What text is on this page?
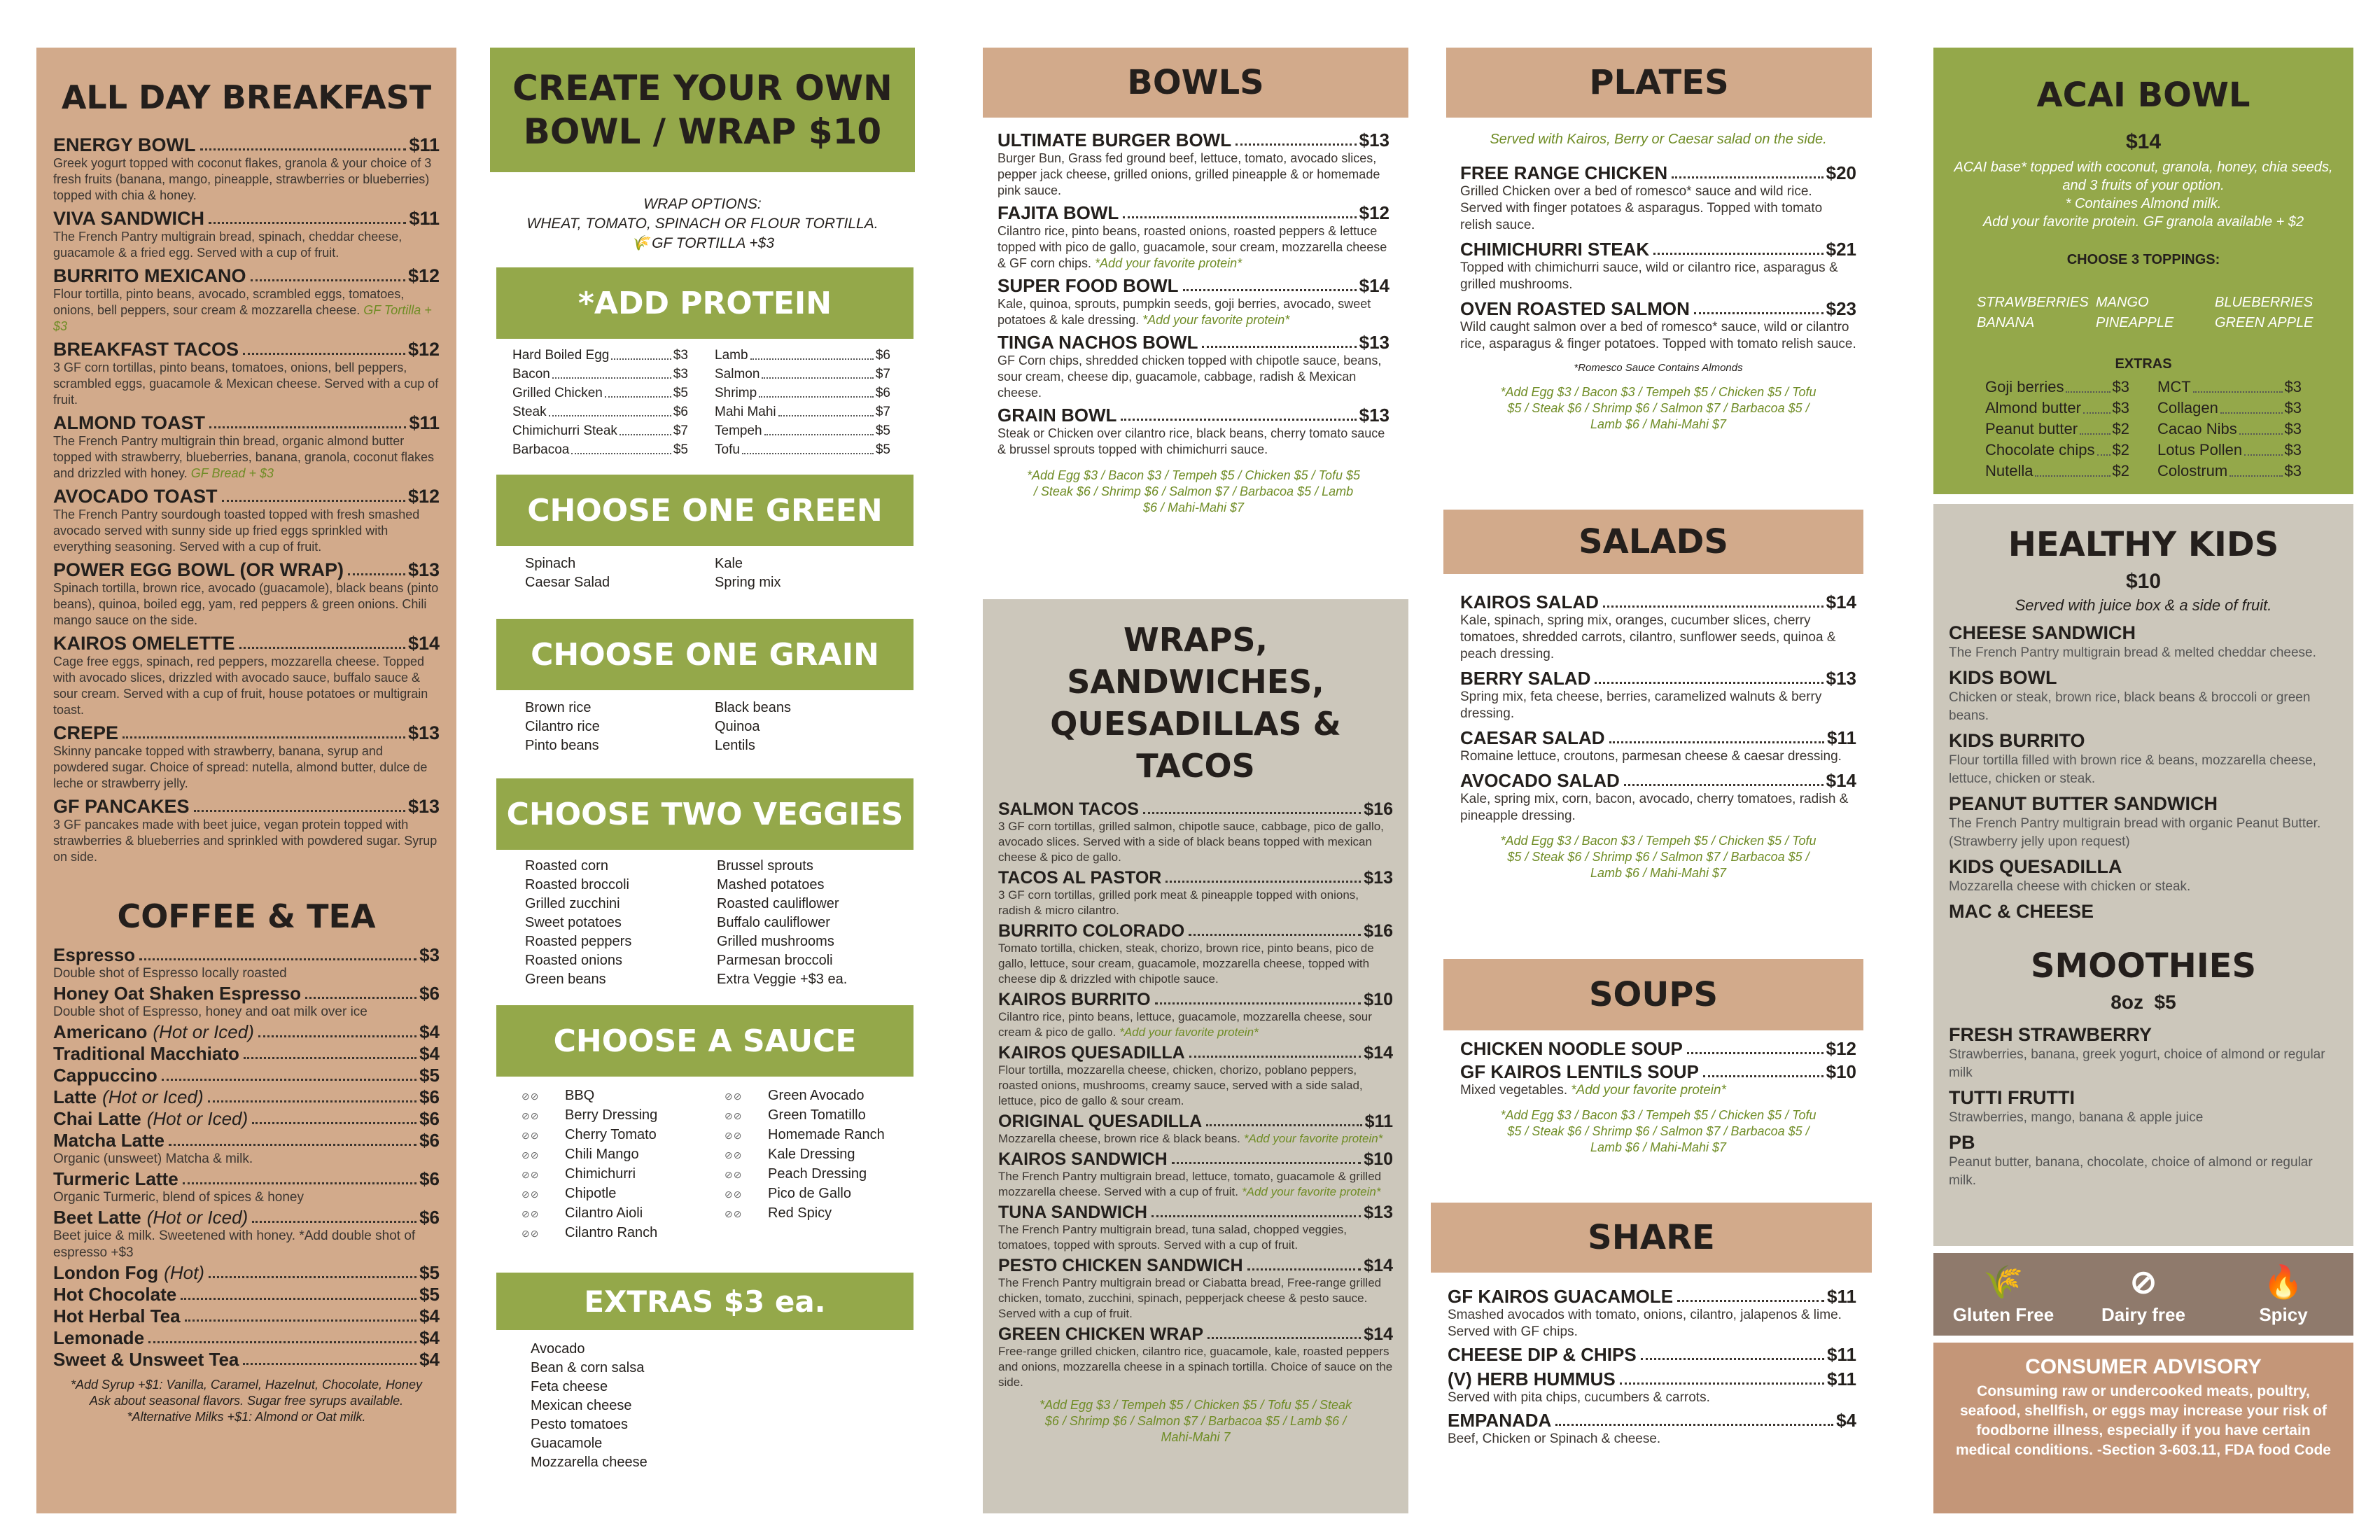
ALL DAY BREAKFAST
ENERGY BOWL	$11
Greek yogurt topped with coconut flakes, granola & your choice of 3 fresh fruits (banana, mango, pineapple, strawberries or blueberries) topped with chia & honey.
VIVA SANDWICH	$11
The French Pantry multigrain bread, spinach, cheddar cheese, guacamole & a fried egg. Served with a cup of fruit.
BURRITO MEXICANO	$12
Flour tortilla, pinto beans, avocado, scrambled eggs, tomatoes, onions, bell peppers, sour cream & mozzarella cheese. GF Tortilla + $3
BREAKFAST TACOS	$12
3 GF corn tortillas, pinto beans, tomatoes, onions, bell peppers, scrambled eggs, guacamole & Mexican cheese. Served with a cup of fruit.
ALMOND TOAST	$11
The French Pantry multigrain thin bread, organic almond butter topped with strawberry, blueberries, banana, granola, coconut flakes and drizzled with honey. GF Bread + $3
AVOCADO TOAST	$12
The French Pantry sourdough toasted topped with fresh smashed avocado served with sunny side up fried eggs sprinkled with everything seasoning. Served with a cup of fruit.
POWER EGG BOWL (OR WRAP)	$13
Spinach tortilla, brown rice, avocado (guacamole), black beans (pinto beans), quinoa, boiled egg, yam, red peppers & green onions. Chili mango sauce on the side.
KAIROS OMELETTE	$14
Cage free eggs, spinach, red peppers, mozzarella cheese. Topped with avocado slices, drizzled with avocado sauce, buffalo sauce & sour cream. Served with a cup of fruit, house potatoes or multigrain toast.
CREPE	$13
Skinny pancake topped with strawberry, banana, syrup and powdered sugar. Choice of spread: nutella, almond butter, dulce de leche or strawberry jelly.
GF PANCAKES	$13
3 GF pancakes made with beet juice, vegan protein topped with strawberries & blueberries and sprinkled with powdered sugar. Syrup on side.
COFFEE & TEA
Espresso	$3
Double shot of Espresso locally roasted
Honey Oat Shaken Espresso	$6
Double shot of Espresso, honey and oat milk over ice
Americano (Hot or Iced)	$4
Traditional Macchiato	$4
Cappuccino	$5
Latte (Hot or Iced)	$6
Chai Latte (Hot or Iced)	$6
Matcha Latte	$6
Organic (unsweet) Matcha & milk.
Turmeric Latte	$6
Organic Turmeric, blend of spices & honey
Beet Latte (Hot or Iced)	$6
Beet juice & milk. Sweetened with honey. *Add double shot of espresso +$3
London Fog (Hot)	$5
Hot Chocolate	$5
Hot Herbal Tea	$4
Lemonade	$4
Sweet & Unsweet Tea	$4
*Add Syrup +$1: Vanilla, Caramel, Hazelnut, Chocolate, Honey Ask about seasonal flavors. Sugar free syrups available.
*Alternative Milks +$1: Almond or Oat milk.
CREATE YOUR OWN
BOWL / WRAP $10
WRAP OPTIONS:
WHEAT, TOMATO, SPINACH OR FLOUR TORTILLA.
🌾 GF TORTILLA +$3
*ADD PROTEIN
Hard Boiled Egg	$3
Bacon	$3
Grilled Chicken	$5
Steak	$6
Chimichurri Steak	$7
Barbacoa	$5
Lamb	$6
Salmon	$7
Shrimp	$6
Mahi Mahi	$7
Tempeh	$5
Tofu	$5
CHOOSE ONE GREEN
Spinach
Caesar Salad
Kale
Spring mix
CHOOSE ONE GRAIN
Brown rice
Cilantro rice
Pinto beans
Black beans
Quinoa
Lentils
CHOOSE TWO VEGGIES
Roasted corn
Roasted broccoli
Grilled zucchini
Sweet potatoes
Roasted peppers
Roasted onions
Green beans
Brussel sprouts
Mashed potatoes
Roasted cauliflower
Buffalo cauliflower
Grilled mushrooms
Parmesan broccoli
Extra Veggie +$3 ea.
CHOOSE A SAUCE
⊘⊘ BBQ
⊘⊘ Berry Dressing
⊘⊘ Cherry Tomato
⊘⊘ Chili Mango
⊘⊘ Chimichurri
⊘⊘ Chipotle
⊘⊘ Cilantro Aioli
⊘⊘ Cilantro Ranch
⊘⊘ Green Avocado
⊘⊘ Green Tomatillo
⊘⊘ Homemade Ranch
⊘⊘ Kale Dressing
⊘⊘ Peach Dressing
⊘⊘ Pico de Gallo
⊘⊘ Red Spicy
EXTRAS $3 ea.
Avocado
Bean & corn salsa
Feta cheese
Mexican cheese
Pesto tomatoes
Guacamole
Mozzarella cheese
BOWLS
ULTIMATE BURGER BOWL	$13
Burger Bun, Grass fed ground beef, lettuce, tomato, avocado slices, pepper jack cheese, grilled onions, grilled pineapple & or homemade pink sauce.
FAJITA BOWL	$12
Cilantro rice, pinto beans, roasted onions, roasted peppers & lettuce topped with pico de gallo, guacamole, sour cream, mozzarella cheese & GF corn chips. *Add your favorite protein*
SUPER FOOD BOWL	$14
Kale, quinoa, sprouts, pumpkin seeds, goji berries, avocado, sweet potatoes & kale dressing. *Add your favorite protein*
TINGA NACHOS BOWL	$13
GF Corn chips, shredded chicken topped with chipotle sauce, beans, sour cream, cheese dip, guacamole, cabbage, radish & Mexican cheese.
GRAIN BOWL	$13
Steak or Chicken over cilantro rice, black beans, cherry tomato sauce & brussel sprouts topped with chimichurri sauce.
*Add Egg $3 / Bacon $3 / Tempeh $5 / Chicken $5 / Tofu $5 / Steak $6 / Shrimp $6 / Salmon $7 / Barbacoa $5 / Lamb $6 / Mahi-Mahi $7
WRAPS, SANDWICHES,
QUESADILLAS & TACOS
SALMON TACOS	$16
3 GF corn tortillas, grilled salmon, chipotle sauce, cabbage, pico de gallo, avocado slices. Served with a side of black beans topped with mexican cheese & pico de gallo.
TACOS AL PASTOR	$13
3 GF corn tortillas, grilled pork meat & pineapple topped with onions, radish & micro cilantro.
BURRITO COLORADO	$16
Tomato tortilla, chicken, steak, chorizo, brown rice, pinto beans, pico de gallo, lettuce, sour cream, guacamole, mozzarella cheese, topped with cheese dip & drizzled with chipotle sauce.
KAIROS BURRITO	$10
Cilantro rice, pinto beans, lettuce, guacamole, mozzarella cheese, sour cream & pico de gallo. *Add your favorite protein*
KAIROS QUESADILLA	$14
Flour tortilla, mozzarella cheese, chicken, chorizo, poblano peppers, roasted onions, mushrooms, creamy sauce, served with a side salad, lettuce, pico de gallo & sour cream.
ORIGINAL QUESADILLA	$11
Mozzarella cheese, brown rice & black beans. *Add your favorite protein*
KAIROS SANDWICH	$10
The French Pantry multigrain bread, lettuce, tomato, guacamole & grilled mozzarella cheese. Served with a cup of fruit. *Add your favorite protein*
TUNA SANDWICH	$13
The French Pantry multigrain bread, tuna salad, chopped veggies, tomatoes, topped with sprouts. Served with a cup of fruit.
PESTO CHICKEN SANDWICH	$14
The French Pantry multigrain bread or Ciabatta bread, Free-range grilled chicken, tomato, zucchini, spinach, pepperjack cheese & pesto sauce. Served with a cup of fruit.
GREEN CHICKEN WRAP	$14
Free-range grilled chicken, cilantro rice, guacamole, kale, roasted peppers and onions, mozzarella cheese in a spinach tortilla. Choice of sauce on the side.
*Add Egg $3 / Tempeh $5 / Chicken $5 / Tofu $5 / Steak $6 / Shrimp $6 / Salmon $7 / Barbacoa $5 / Lamb $6 / Mahi-Mahi 7
PLATES
Served with Kairos, Berry or Caesar salad on the side.
FREE RANGE CHICKEN	$20
Grilled Chicken over a bed of romesco* sauce and wild rice. Served with finger potatoes & asparagus. Topped with tomato relish sauce.
CHIMICHURRI STEAK	$21
Topped with chimichurri sauce, wild or cilantro rice, asparagus & grilled mushrooms.
OVEN ROASTED SALMON	$23
Wild caught salmon over a bed of romesco* sauce, wild or cilantro rice, asparagus & finger potatoes. Topped with tomato relish sauce.
*Romesco Sauce Contains Almonds
*Add Egg $3 / Bacon $3 / Tempeh $5 / Chicken $5 / Tofu $5 / Steak $6 / Shrimp $6 / Salmon $7 / Barbacoa $5 / Lamb $6 / Mahi-Mahi $7
SALADS
KAIROS SALAD	$14
Kale, spinach, spring mix, oranges, cucumber slices, cherry tomatoes, shredded carrots, cilantro, sunflower seeds, quinoa & peach dressing.
BERRY SALAD	$13
Spring mix, feta cheese, berries, caramelized walnuts & berry dressing.
CAESAR SALAD	$11
Romaine lettuce, croutons, parmesan cheese & caesar dressing.
AVOCADO SALAD	$14
Kale, spring mix, corn, bacon, avocado, cherry tomatoes, radish & pineapple dressing.
*Add Egg $3 / Bacon $3 / Tempeh $5 / Chicken $5 / Tofu $5 / Steak $6 / Shrimp $6 / Salmon $7 / Barbacoa $5 / Lamb $6 / Mahi-Mahi $7
SOUPS
CHICKEN NOODLE SOUP	$12
GF KAIROS LENTILS SOUP	$10
Mixed vegetables. *Add your favorite protein*
*Add Egg $3 / Bacon $3 / Tempeh $5 / Chicken $5 / Tofu $5 / Steak $6 / Shrimp $6 / Salmon $7 / Barbacoa $5 / Lamb $6 / Mahi-Mahi $7
SHARE
GF KAIROS GUACAMOLE	$11
Smashed avocados with tomato, onions, cilantro, jalapenos & lime. Served with GF chips.
CHEESE DIP & CHIPS	$11
(V) HERB HUMMUS	$11
Served with pita chips, cucumbers & carrots.
EMPANADA	$4
Beef, Chicken or Spinach & cheese.
ACAI BOWL
$14
ACAI base* topped with coconut, granola, honey, chia seeds, and 3 fruits of your option.
* Containes Almond milk.
Add your favorite protein. GF granola available + $2
CHOOSE 3 TOPPINGS:
STRAWBERRIES MANGO	BLUEBERRIES
BANANA	PINEAPPLE	GREEN APPLE
EXTRAS
Goji berries	$3
Almond butter $3
Peanut butter $2
Chocolate chips $2
Nutella	$2
MCT	$3
Collagen	$3
Cacao Nibs	$3
Lotus Pollen	$3
Colostrum	$3
HEALTHY KIDS
$10
Served with juice box & a side of fruit.
CHEESE SANDWICH
The French Pantry multigrain bread & melted cheddar cheese.
KIDS BOWL
Chicken or steak, brown rice, black beans & broccoli or green beans.
KIDS BURRITO
Flour tortilla filled with brown rice & beans, mozzarella cheese, lettuce, chicken or steak.
PEANUT BUTTER SANDWICH
The French Pantry multigrain bread with organic Peanut Butter. (Strawberry jelly upon request)
KIDS QUESADILLA
Mozzarella cheese with chicken or steak.
MAC & CHEESE
SMOOTHIES
8oz  $5
FRESH STRAWBERRY
Strawberries, banana, greek yogurt, choice of almond or regular milk
TUTTI FRUTTI
Strawberries, mango, banana & apple juice
PB
Peanut butter, banana, chocolate, choice of almond or regular milk.
🌾
Gluten Free
⊘
Dairy free
🔥
Spicy
CONSUMER ADVISORY
Consuming raw or undercooked meats, poultry, seafood, shellfish, or eggs may increase your risk of foodborne illness, especially if you have certain medical conditions. -Section 3-603.11, FDA food Code
